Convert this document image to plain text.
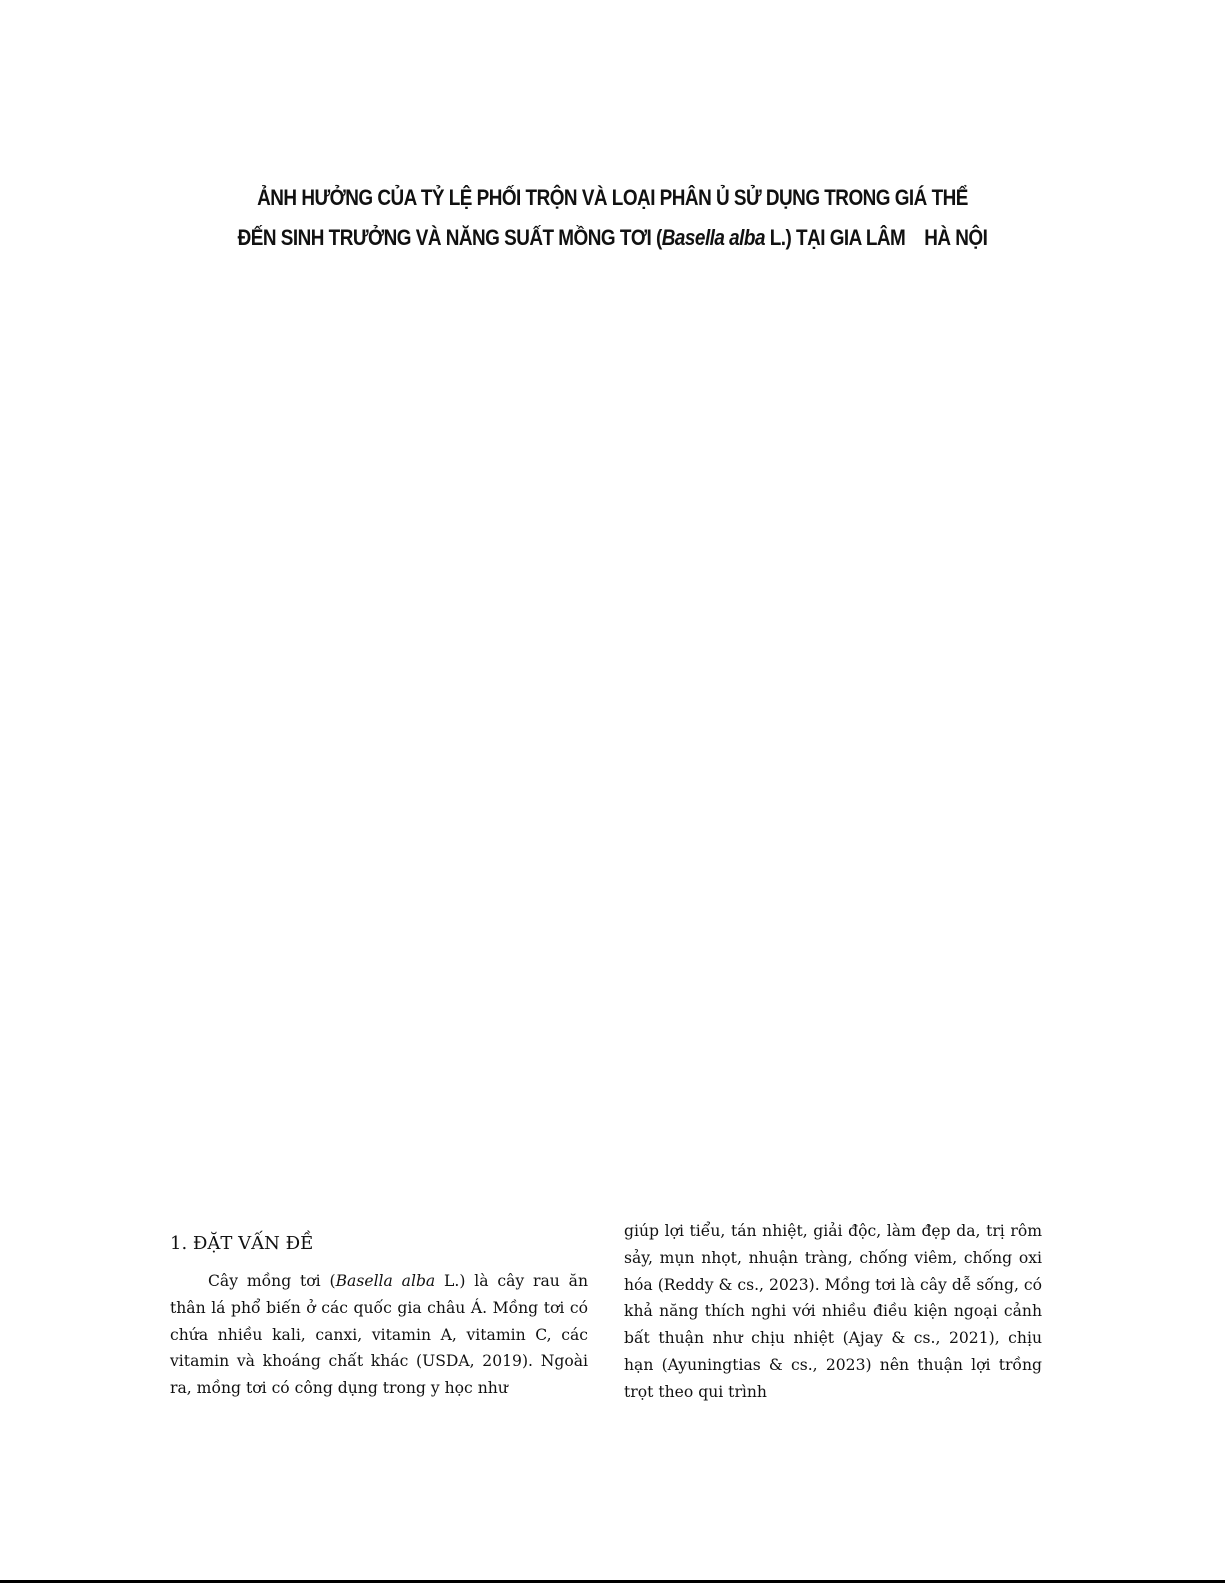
ẢNH HƯỞNG CỦA TỶ LỆ PHỐI TRỘN VÀ LOẠI PHÂN Ủ SỬ DỤNG TRONG GIÁ THỂ
ĐẾN SINH TRƯỞNG VÀ NĂNG SUẤT MỒNG TƠI (Basella alba L.) TẠI GIA LÂM    HÀ NỘI
1. ĐẶT VẤN ĐỀ

Cây mồng tơi (Basella alba L.) là cây rau ăn thân lá phổ biến ở các quốc gia châu Á. Mồng tơi có chứa nhiều kali, canxi, vitamin A, vitamin C, các vitamin và khoáng chất khác (USDA, 2019). Ngoài ra, mồng tơi có công dụng trong y học như

giúp lợi tiểu, tán nhiệt, giải độc, làm đẹp da, trị rôm sảy, mụn nhọt, nhuận tràng, chống viêm, chống oxi hóa (Reddy & cs., 2023). Mồng tơi là cây dễ sống, có khả năng thích nghi với nhiều điều kiện ngoại cảnh bất thuận như chịu nhiệt (Ajay & cs., 2021), chịu hạn (Ayuningtias & cs., 2023) nên thuận lợi trồng trọt theo qui trình
